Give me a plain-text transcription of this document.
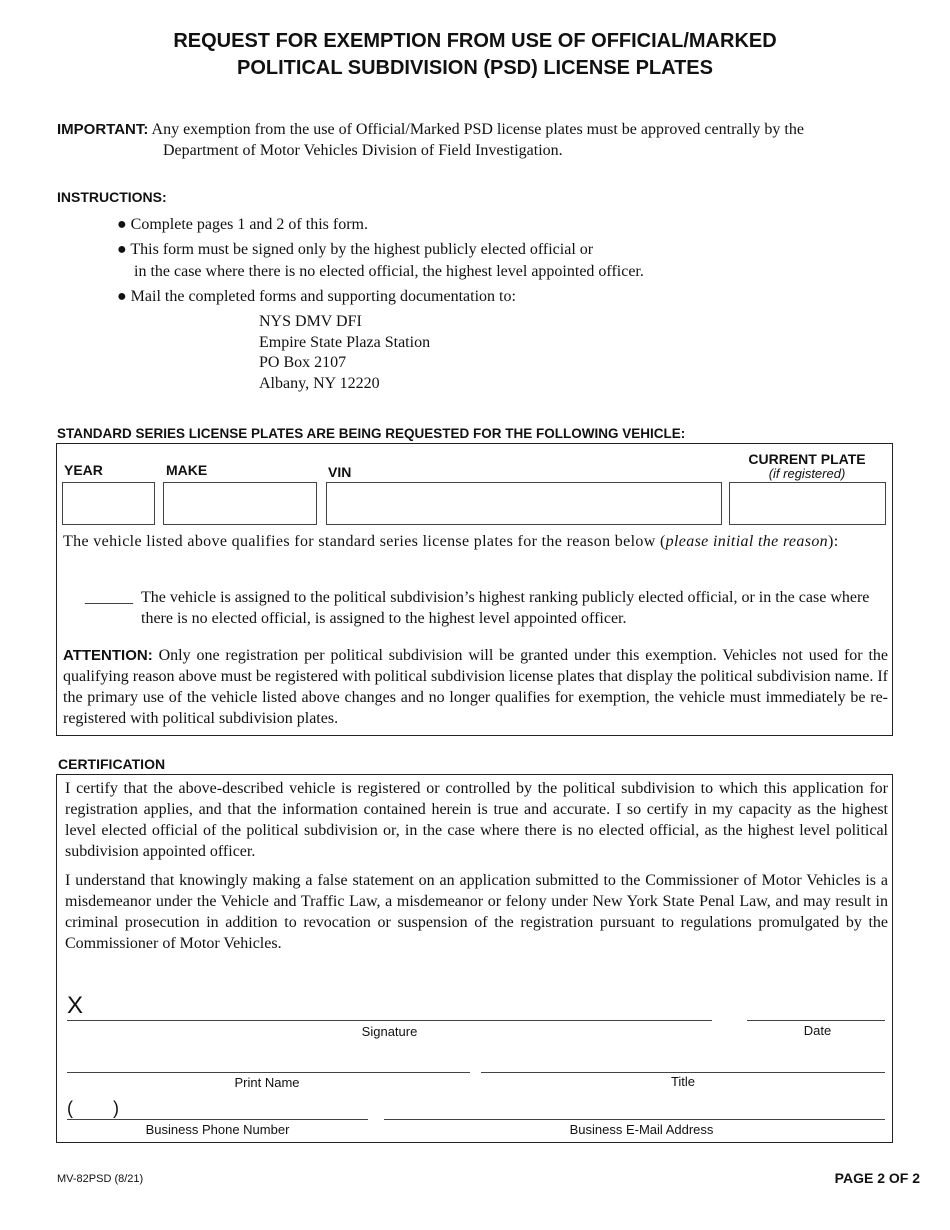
REQUEST FOR EXEMPTION FROM USE OF OFFICIAL/MARKED
POLITICAL SUBDIVISION (PSD) LICENSE PLATES
IMPORTANT: Any exemption from the use of Official/Marked PSD license plates must be approved centrally by the
Department of Motor Vehicles Division of Field Investigation.
INSTRUCTIONS:
● Complete pages 1 and 2 of this form.
● This form must be signed only by the highest publicly elected official or
in the case where there is no elected official, the highest level appointed officer.
● Mail the completed forms and supporting documentation to:
NYS DMV DFI
Empire State Plaza Station
PO Box 2107
Albany, NY 12220
STANDARD SERIES LICENSE PLATES ARE BEING REQUESTED FOR THE FOLLOWING VEHICLE:
YEAR	MAKE	VIN
CURRENT PLATE
(if registered)
The vehicle listed above qualifies for standard series license plates for the reason below (please initial the reason):
______ The vehicle is assigned to the political subdivision’s highest ranking publicly elected official, or in the case where there is no elected official, is assigned to the highest level appointed officer.
ATTENTION: Only one registration per political subdivision will be granted under this exemption. Vehicles not used for the qualifying reason above must be registered with political subdivision license plates that display the political subdivision name. If the primary use of the vehicle listed above changes and no longer qualifies for exemption, the vehicle must immediately be re-registered with political subdivision plates.
CERTIFICATION
I certify that the above-described vehicle is registered or controlled by the political subdivision to which this application for registration applies, and that the information contained herein is true and accurate. I so certify in my capacity as the highest level elected official of the political subdivision or, in the case where there is no elected official, as the highest level political subdivision appointed officer.
I understand that knowingly making a false statement on an application submitted to the Commissioner of Motor Vehicles is a misdemeanor under the Vehicle and Traffic Law, a misdemeanor or felony under New York State Penal Law, and may result in criminal prosecution in addition to revocation or suspension of the registration pursuant to regulations promulgated by the Commissioner of Motor Vehicles.
X
Signature	Date
Print Name	Title
(        )
Business Phone Number	Business E-Mail Address
MV-82PSD (8/21)	PAGE 2 OF 2
